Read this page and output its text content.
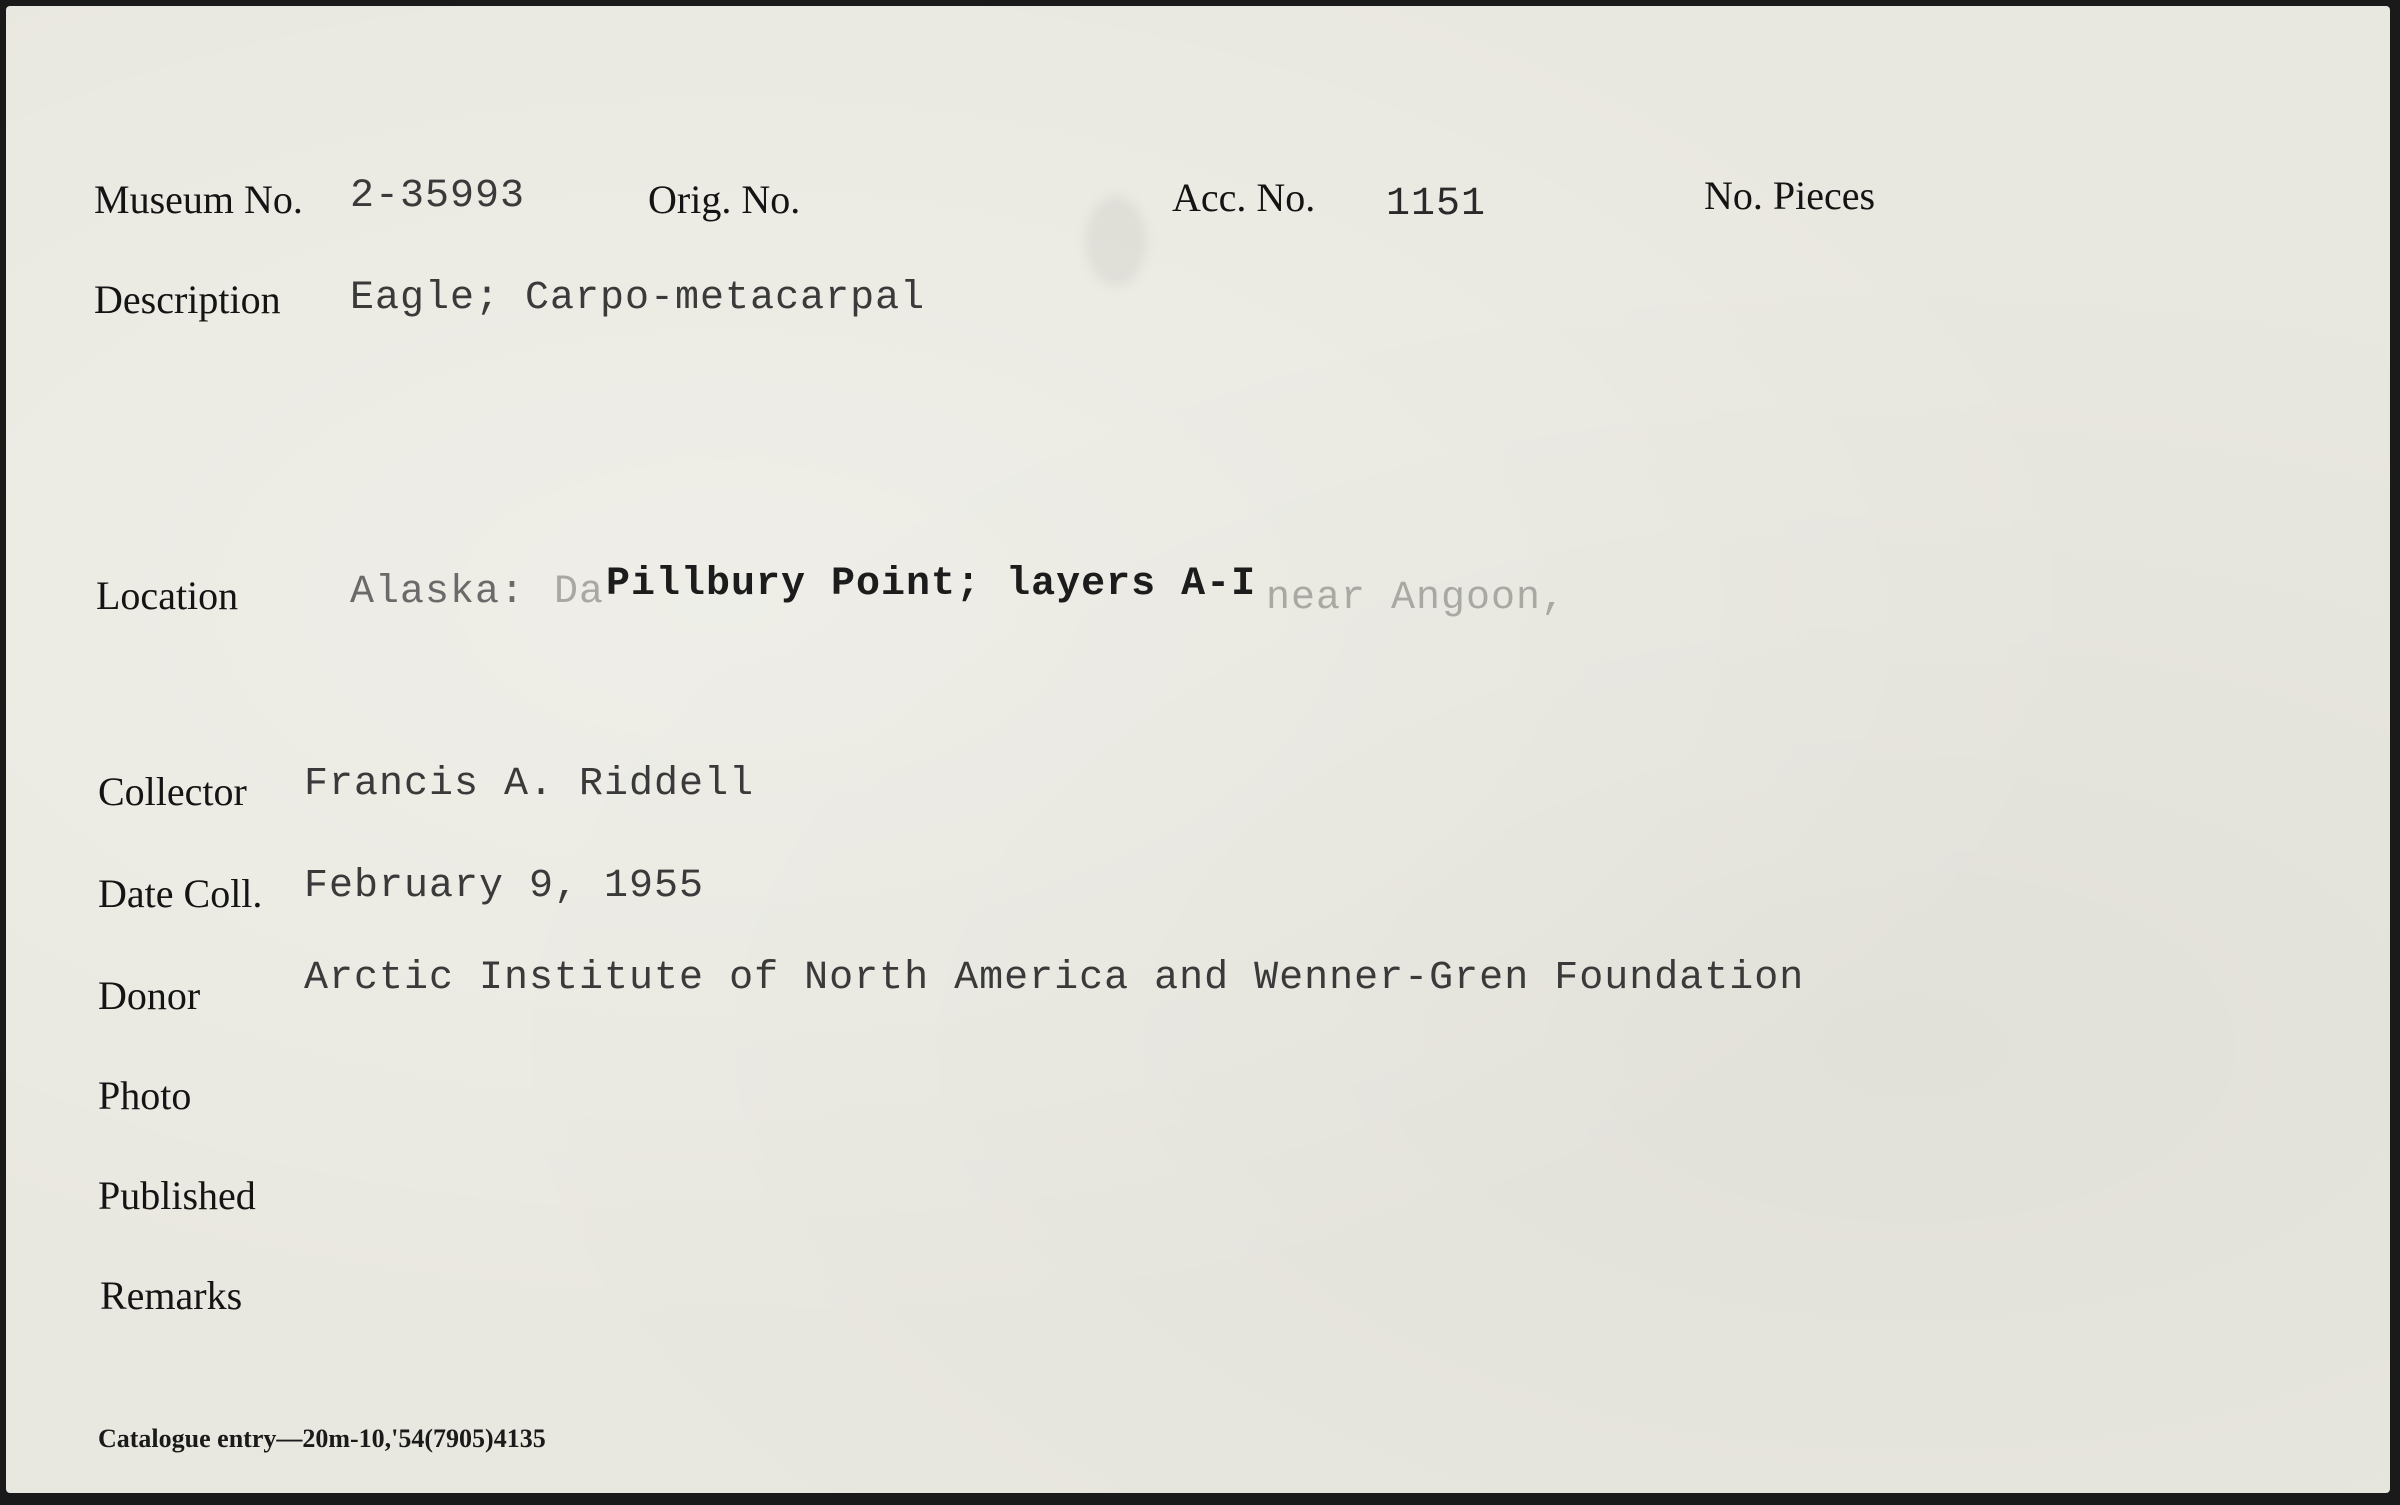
Museum No. 2-35993	Orig. No.	Acc. No. 1151	No. Pieces
Description Eagle; Carpo-metacarpal
Location	Alaska: Da Pillbury Point; layers A-I near Angoon,
Collector Francis A. Riddell
Date Coll. February 9, 1955
Donor	Arctic Institute of North America and Wenner-Gren Foundation
Photo
Published
Remarks
Catalogue entry—20m-10,'54(7905)4135
